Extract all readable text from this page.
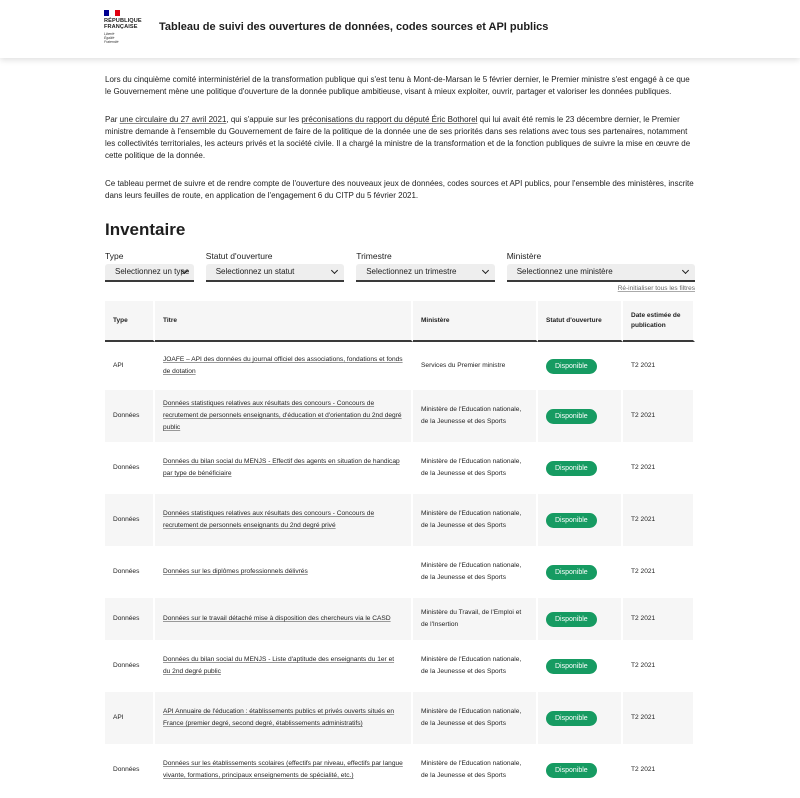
RÉPUBLIQUE
FRANÇAISE
Liberté
Égalité
Fraternité
Tableau de suivi des ouvertures de données, codes sources et API publics

Lors du cinquième comité interministériel de la transformation publique qui s'est tenu à Mont-de-Marsan le 5 février dernier, le Premier ministre s'est engagé à ce que le Gouvernement mène une politique d'ouverture de la donnée publique ambitieuse, visant à mieux exploiter, ouvrir, partager et valoriser les données publiques.

Par une circulaire du 27 avril 2021, qui s'appuie sur les préconisations du rapport du député Éric Bothorel qui lui avait été remis le 23 décembre dernier, le Premier ministre demande à l'ensemble du Gouvernement de faire de la politique de la donnée une de ses priorités dans ses relations avec tous ses partenaires, notamment les collectivités territoriales, les acteurs privés et la société civile. Il a chargé la ministre de la transformation et de la fonction publiques de suivre la mise en œuvre de cette politique de la donnée.

Ce tableau permet de suivre et de rendre compte de l'ouverture des nouveaux jeux de données, codes sources et API publics, pour l'ensemble des ministères, inscrite dans leurs feuilles de route, en application de l'engagement 6 du CITP du 5 février 2021.

Inventaire
Type
Selectionnez un type
Statut d'ouverture
Selectionnez un statut
Trimestre
Selectionnez un trimestre
Ministère
Selectionnez une ministère
Ré-initialiser tous les filtres
Type	Titre	Ministère	Statut d'ouverture	Date estimée de publication
API	JOAFE – API des données du journal officiel des associations, fondations et fonds de dotation	Services du Premier ministre	Disponible	T2 2021
Données	Données statistiques relatives aux résultats des concours - Concours de recrutement de personnels enseignants, d'éducation et d'orientation du 2nd degré public	Ministère de l'Education nationale, de la Jeunesse et des Sports	Disponible	T2 2021
Données	Données du bilan social du MENJS - Effectif des agents en situation de handicap par type de bénéficiaire	Ministère de l'Education nationale, de la Jeunesse et des Sports	Disponible	T2 2021
Données	Données statistiques relatives aux résultats des concours - Concours de recrutement de personnels enseignants du 2nd degré privé	Ministère de l'Education nationale, de la Jeunesse et des Sports	Disponible	T2 2021
Données	Données sur les diplômes professionnels délivrés	Ministère de l'Education nationale, de la Jeunesse et des Sports	Disponible	T2 2021
Données	Données sur le travail détaché mise à disposition des chercheurs via le CASD	Ministère du Travail, de l'Emploi et de l'Insertion	Disponible	T2 2021
Données	Données du bilan social du MENJS - Liste d'aptitude des enseignants du 1er et du 2nd degré public	Ministère de l'Education nationale, de la Jeunesse et des Sports	Disponible	T2 2021
API	API Annuaire de l'éducation : établissements publics et privés ouverts situés en France (premier degré, second degré, établissements administratifs)	Ministère de l'Education nationale, de la Jeunesse et des Sports	Disponible	T2 2021
Données	Données sur les établissements scolaires (effectifs par niveau, effectifs par langue vivante, formations, principaux enseignements de spécialité, etc.)	Ministère de l'Education nationale, de la Jeunesse et des Sports	Disponible	T2 2021
